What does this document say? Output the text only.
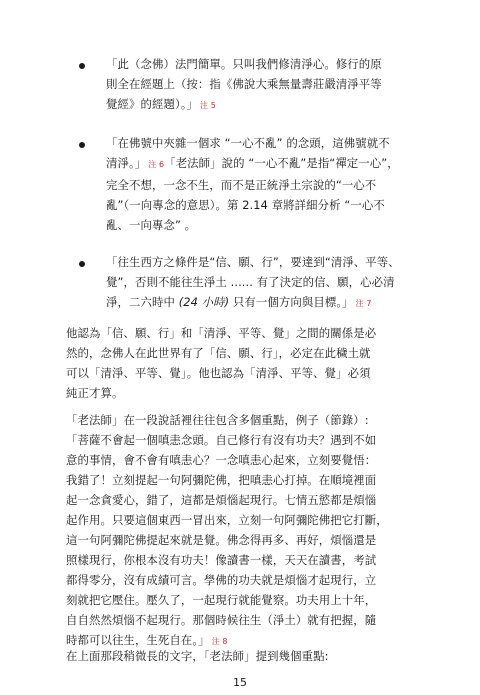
「此（念佛）法門簡單。只叫我們修清淨心。修行的原
則全在經題上（按：指《佛說大乘無量壽莊嚴清淨平等
覺經》的經題）。」 注 5
「在佛號中夾雜一個求 “一心不亂” 的念頭，這佛號就不
清淨。」 注 6「老法師」說的 “一心不亂”是指“禪定一心”，
完全不想，一念不生，而不是正統淨土宗說的“一心不
亂”（一向專念的意思）。第 2.14 章將詳細分析 “一心不
亂、一向專念” 。
「往生西方之條件是“信、願、行”，要達到“清淨、平等、
覺”，否則不能往生淨土 ...... 有了決定的信、願，心必清
淨，二六時中 (24 小時) 只有一個方向與目標。」 注 7
他認為「信、願、行」和「清淨、平等、覺」之間的關係是必
然的，念佛人在此世界有了「信、願、行」，必定在此穢土就
可以「清淨、平等、覺」。他也認為「清淨、平等、覺」必須
純正才算。
「老法師」在一段說話裡往往包含多個重點，例子（節錄）:
「菩薩不會起一個嗔恚念頭。自己修行有沒有功夫？遇到不如
意的事情，會不會有嗔恚心？一念嗔恚心起來，立刻要覺悟：
我錯了！立刻提起一句阿彌陀佛，把嗔恚心打掉。在順境裡面
起一念貪愛心，錯了，這都是煩惱起現行。七情五慾都是煩惱
起作用。只要這個東西一冒出來，立刻一句阿彌陀佛把它打斷，
這一句阿彌陀佛提起來就是覺。佛念得再多、再好，煩惱還是
照樣現行，你根本沒有功夫！像讀書一樣，天天在讀書，考試
都得零分，沒有成績可言。學佛的功夫就是煩惱才起現行，立
刻就把它壓住。壓久了，一起現行就能覺察。功夫用上十年，
自自然然煩惱不起現行。那個時候往生（淨土）就有把握，隨
時都可以往生，生死自在。」 注 8
在上面那段稍微長的文字，「老法師」提到幾個重點:
15
